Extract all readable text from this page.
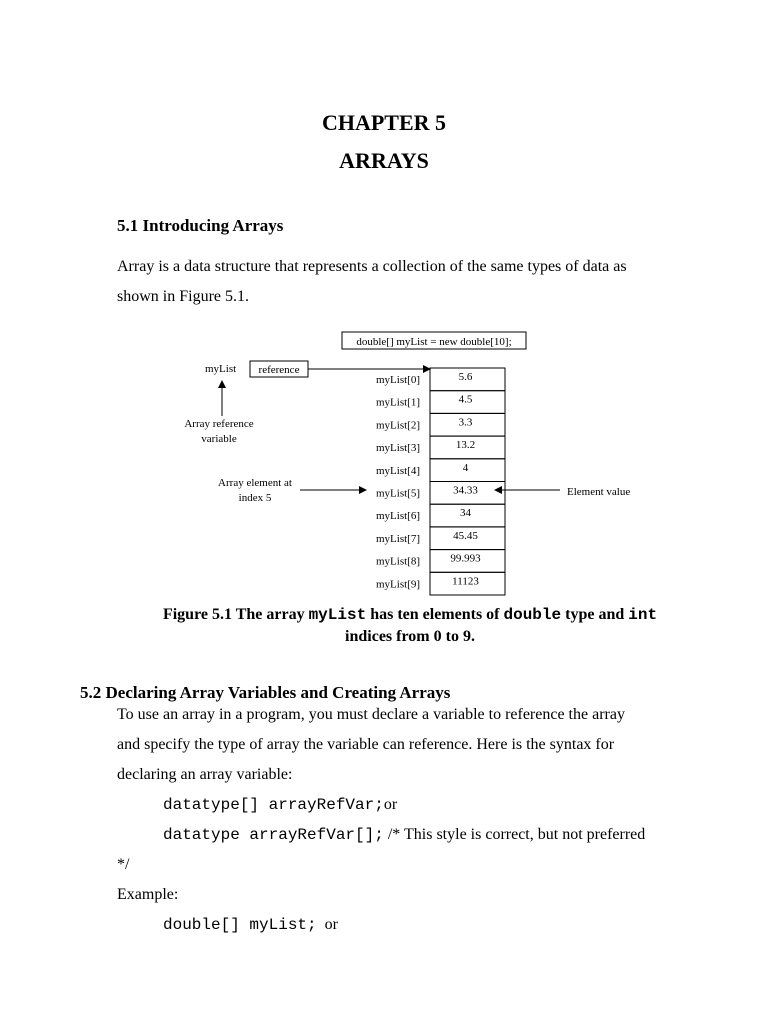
CHAPTER 5
ARRAYS
5.1 Introducing Arrays
Array is a data structure that represents a collection of the same types of data as
shown in Figure 5.1.
double[] myList = new double[10];
myList reference
Array reference
variable
Array element at
index 5	Element value
5.6
4.5
3.3
13.2
4
34.33
34
45.45
99.993
11123
myList[0]
myList[1]
myList[2]
myList[3]
myList[4]
myList[5]
myList[6]
myList[7]
myList[8]
myList[9]
Figure 5.1 The array myList has ten elements of double type and int
indices from 0 to 9.
5.2 Declaring Array Variables and Creating Arrays
To use an array in a program, you must declare a variable to reference the array
and specify the type of array the variable can reference. Here is the syntax for
declaring an array variable:
datatype[] arrayRefVar;or
datatype arrayRefVar[]; /* This style is correct, but not preferred
*/
Example:
double[] myList;  or
